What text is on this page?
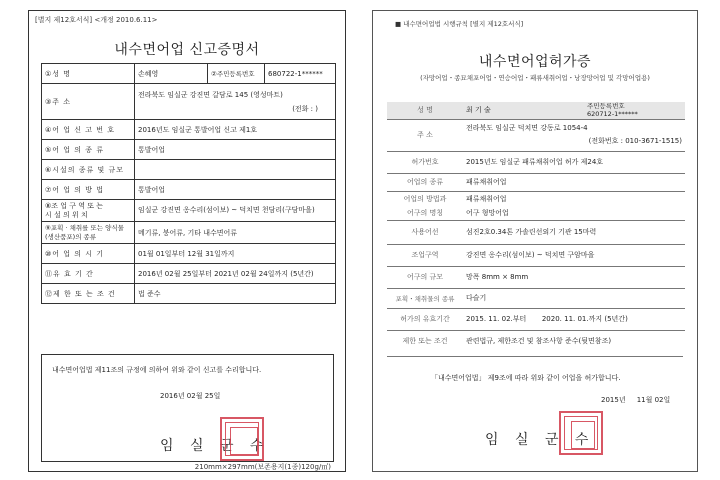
[별지 제12호서식] <개정 2010.6.11>
내수면어업 신고증명서
①성 명	손혜영	②주민등록번호	680722-1******
③주 소	전라북도 임실군 강진면 갈담로 145 (영성마트)
(전화 : )		

④어 업 신 고 번 호	2016년도 임실군 통발어업 신고 제1호		
⑤어 업 의 종 류	통발어업		
⑥시설의 종류 및 규모			
⑦어 업 의 방 법	통발어업		
⑧조 업 구 역 또 는
시 설 의 위 치	임실군 강진면 옹수리(섬이보) ~ 덕치면 천담리(구담마을)		
⑨포획 · 채취를 또는 양식물(생산품포)의 종류	메기류, 붕어류, 기타 내수면어류		
⑩어 업 의 시 기	01월 01일부터 12월 31일까지		
⑪유 효 기 간	2016년 02월 25일부터 2021년 02월 24일까지 (5년간)		
⑫제 한 또 는 조 건	법 준수		
내수면어업법 제11조의 규정에 의하여 위와 같이 신고를 수리합니다.
2016년 02월 25일
임 실 군 수
210mm×297mm(보존용지(1종)120g/㎡)
■ 내수면어업법 시행규칙 [별지 제12호서식]
내수면어업허가증
(자망어업・종묘채포어업・연승어업・패류새취어업・낭장망어업 및 각망어업용)
성 명	최 기 술	주민등록번호
620712-1******

주 소	전라북도 임실군 덕치면 강동로 1054-4
(전화번호 : 010-3671-1515)	

허가번호	2015년도 임실군 패류채취어업 허가 제24호	
어업의 종류	패류채취어업	
어업의 방법과	패류채취어업	
어구의 명칭	어구 형망어업	
사용어선	섬진2호0.34톤 가솔린선외기 기관 15마력	
조업구역	강진면 옹수리(섬이보) ~ 덕치면 구암마을	
어구의 규모	망폭 8mm × 8mm	
포획・채취물의 종류	다슬기	
허가의 유효기간	2015. 11. 02.부터       2020. 11. 01.까지 (5년간)	
제한 또는 조건	관련법규, 제한조건 및 참조사항 준수(뒷면참조)	
「내수면어업법」 제9조에 따라 위와 같이 어업을 허가합니다.
2015년     11월 02일
임 실 군 수
